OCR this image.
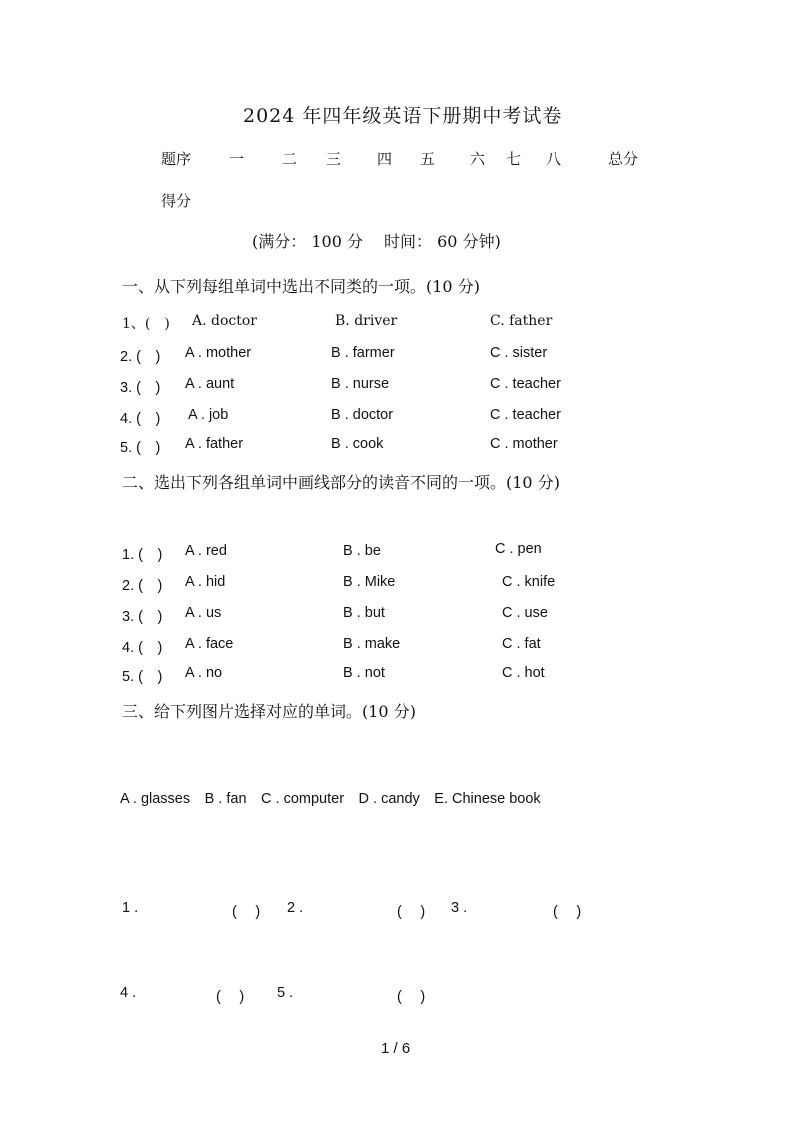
2024 年四年级英语下册期中考试卷
题序	一	二 三 四 五 六 七 八	总分
得分
(满分： 100 分　 时间： 60 分钟)
一、从下列每组单词中选出不同类的一项。(10 分)
1、(　) A. doctor	B. driver	C. father
2. (　) A . mother	B . farmer	C . sister
3. (　) A . aunt	B . nurse	C . teacher
4. (　) A . job	B . doctor	C . teacher
5. (　) A . father	B . cook	C . mother
二、选出下列各组单词中画线部分的读音不同的一项。(10 分)
1. (　) A . red	B . be	C . pen
2. (　) A . hid	B . Mike	C . knife
3. (　) A . us	B . but	C . use
4. (　) A . face	B . make	C . fat
5. (　) A . no	B . not	C . hot
三、给下列图片选择对应的单词。(10 分)
A . glasses　B . fan　C . computer　D . candy　E. Chinese book
1 .	(　 ) 2 .	(　 ) 3 .	(　 )
4 .	(　 ) 5 .	(　 )
1 / 6
